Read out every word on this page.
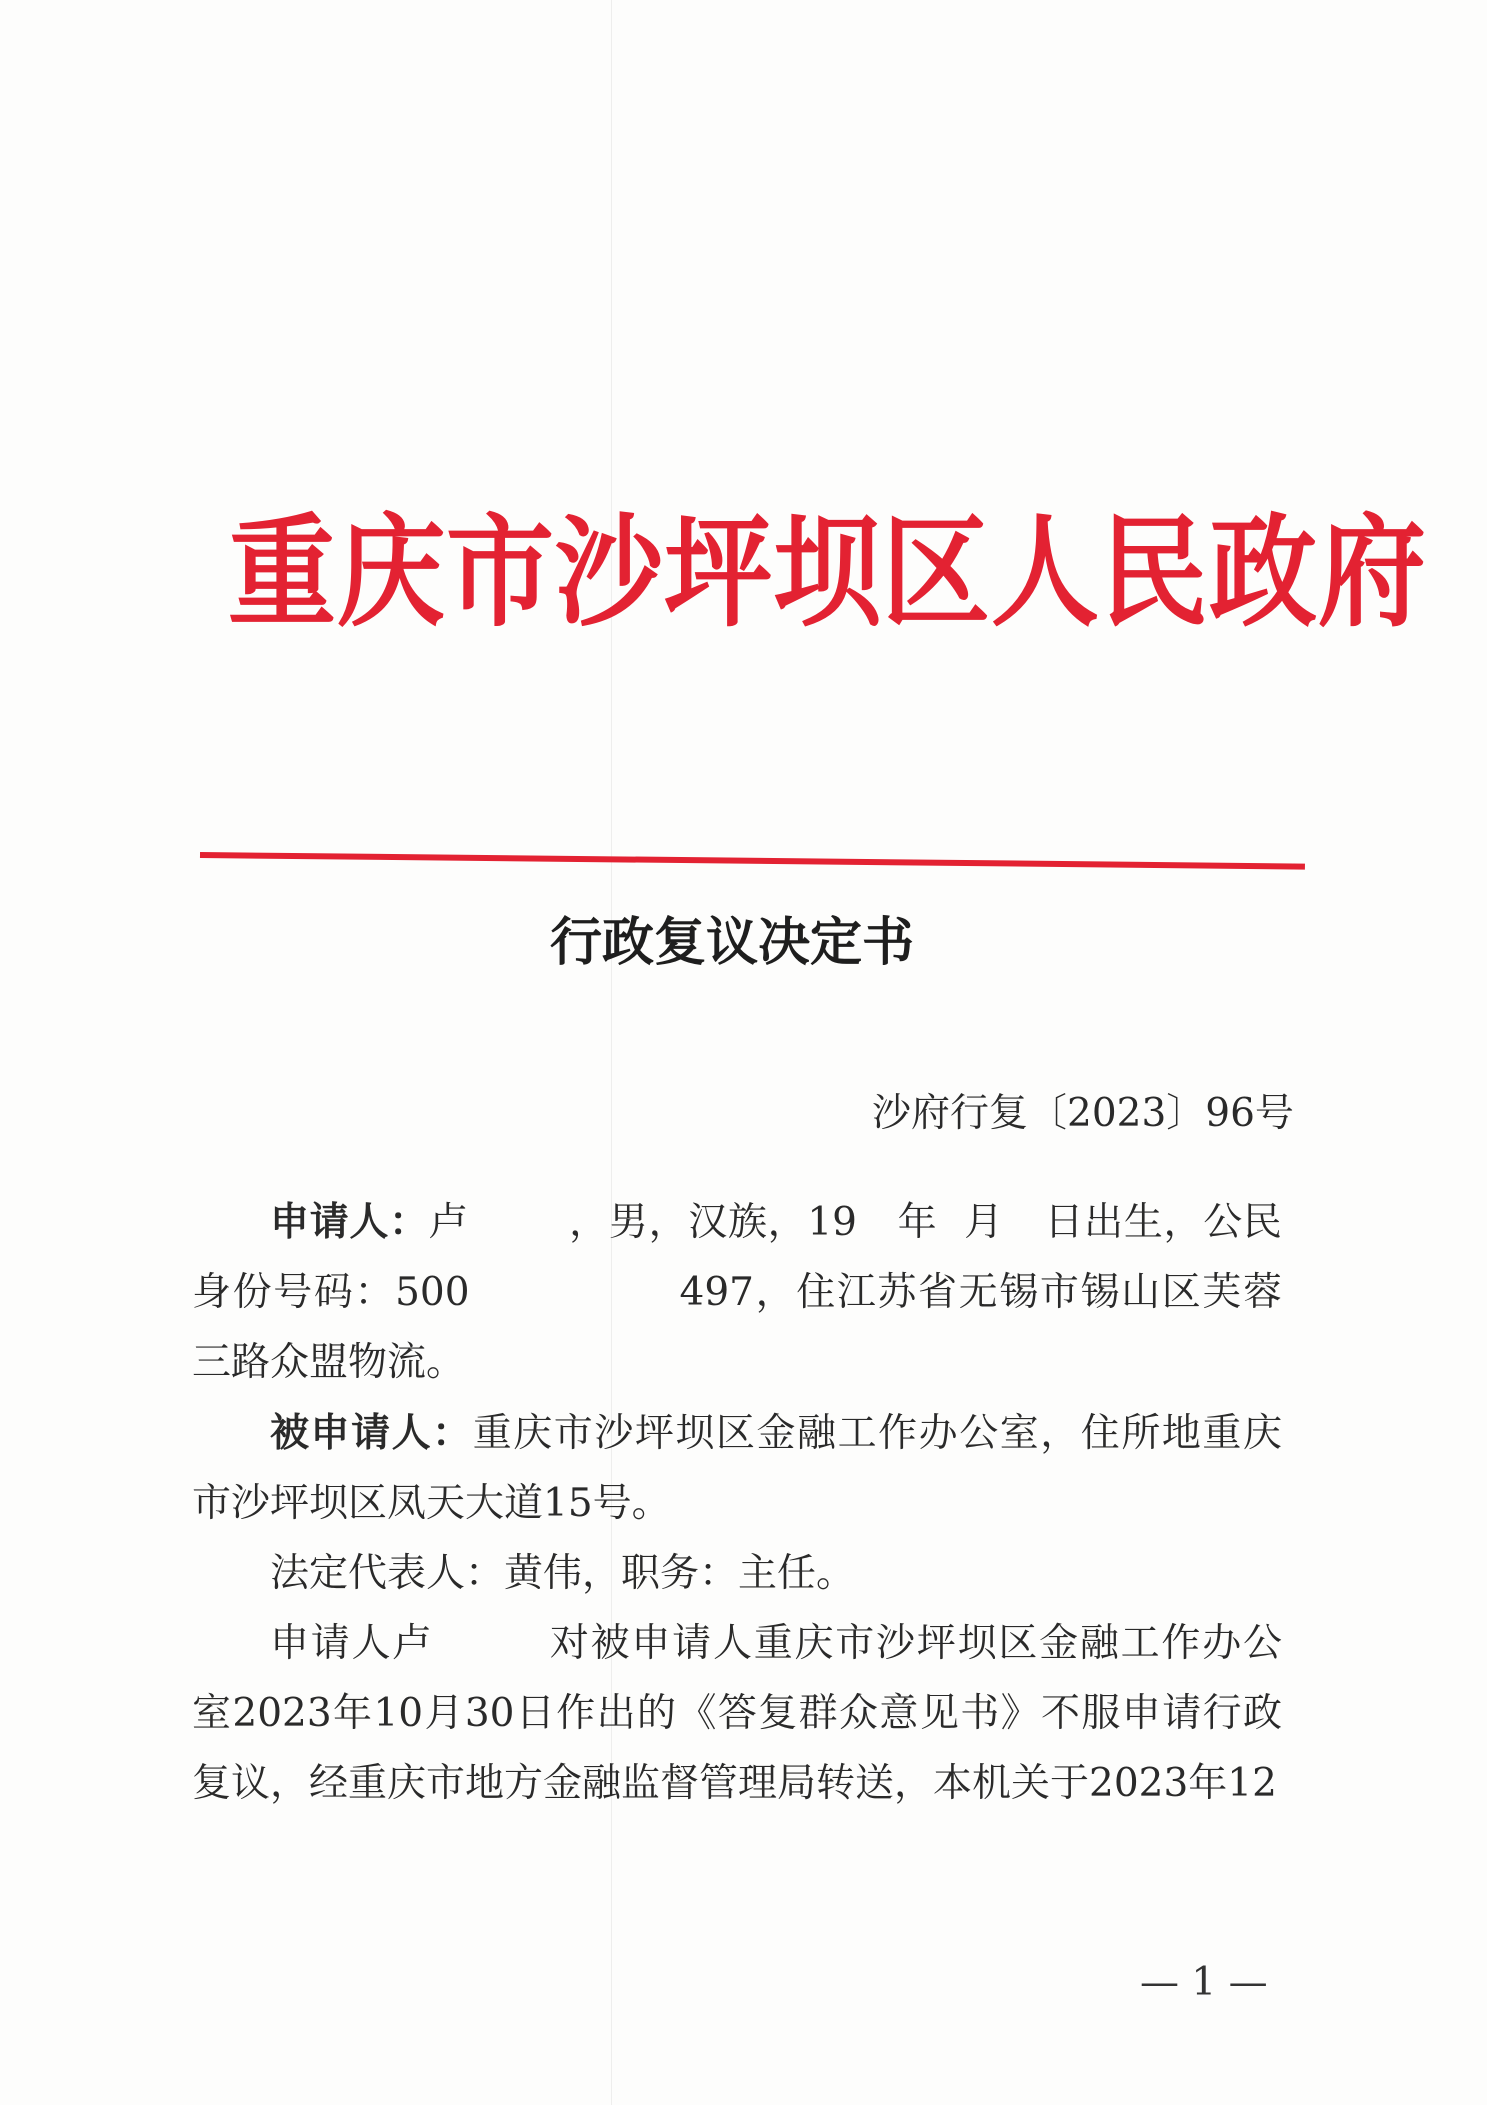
重庆市沙坪坝区人民政府
行政复议决定书
沙府行复〔2023〕96号

申请人：卢	，男，汉族，19 年 月 日出生，公民身份号码：500	497，住江苏省无锡市锡山区芙蓉三路众盟物流。

被申请人：重庆市沙坪坝区金融工作办公室，住所地重庆市沙坪坝区凤天大道15号。

法定代表人：黄伟，职务：主任。

申请人卢	对被申请人重庆市沙坪坝区金融工作办公室2023年10月30日作出的《答复群众意见书》不服申请行政复议，经重庆市地方金融监督管理局转送，本机关于2023年12

— 1 —
